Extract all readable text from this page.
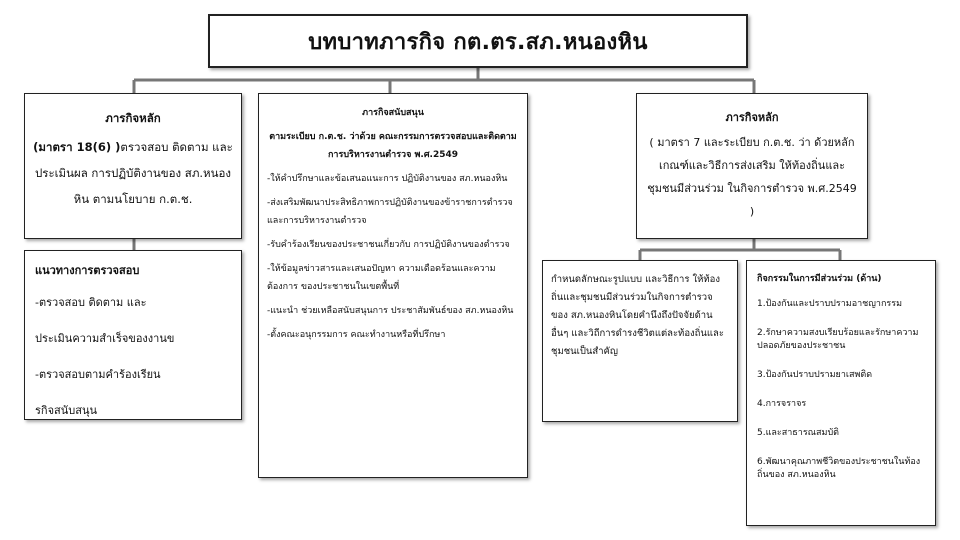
บทบาทภารกิจ กต.ตร.สภ.หนองหิน
ภารกิจหลัก
(มาตรา 18(6) )ตรวจสอบ ติดตาม และประเมินผล การปฏิบัติงานของ สภ.หนองหิน ตามนโยบาย ก.ต.ช.
แนวทางการตรวจสอบ
-ตรวจสอบ ติดตาม และ
ประเมินความสำเร็จของงานข
-ตรวจสอบตามคำร้องเรียน
รกิจสนับสนุน
ภารกิจสนับสนุน
ตามระเบียบ ก.ต.ช. ว่าด้วย คณะกรรมการตรวจสอบและติดตามการบริหารงานตำรวจ พ.ศ.2549
-ให้คำปรึกษาและข้อเสนอแนะการ ปฏิบัติงานของ สภ.หนองหิน
-ส่งเสริมพัฒนาประสิทธิภาพการปฏิบัติงานของข้าราชการตำรวจและการบริหารงานตำรวจ
-รับคำร้องเรียนของประชาชนเกี่ยวกับ การปฏิบัติงานของตำรวจ
-ให้ข้อมูลข่าวสารและเสนอปัญหา ความเดือดร้อนและความต้องการ ของประชาชนในเขตพื้นที่
-แนะนำ ช่วยเหลือสนับสนุนการ ประชาสัมพันธ์ของ สภ.หนองหิน
-ตั้งคณะอนุกรรมการ คณะทำงานหรือที่ปรึกษา
ภารกิจหลัก
( มาตรา 7 และระเบียบ ก.ต.ช. ว่า ด้วยหลักเกณฑ์และวิธีการส่งเสริม ให้ท้องถิ่นและชุมชนมีส่วนร่วม ในกิจการตำรวจ พ.ศ.2549 )
กำหนดลักษณะรูปแบบ และวิธีการ ให้ท้องถิ่นและชุมชนมีส่วนร่วมในกิจการตำรวจของ สภ.หนองหินโดยคำนึงถึงปัจจัยด้านอื่นๆ และวิถีการดำรงชีวิตแต่ละท้องถิ่นและชุมชนเป็นสำคัญ
กิจกรรมในการมีส่วนร่วม (ด้าน)
1.ป้องกันและปราบปรามอาชญากรรม
2.รักษาความสงบเรียบร้อยและรักษาความปลอดภัยของประชาชน
3.ป้องกันปราบปรามยาเสพติด
4.การจราจร
5.และสาธารณสมบัติ
6.พัฒนาคุณภาพชีวิตของประชาชนในท้องถิ่นของ สภ.หนองหิน
